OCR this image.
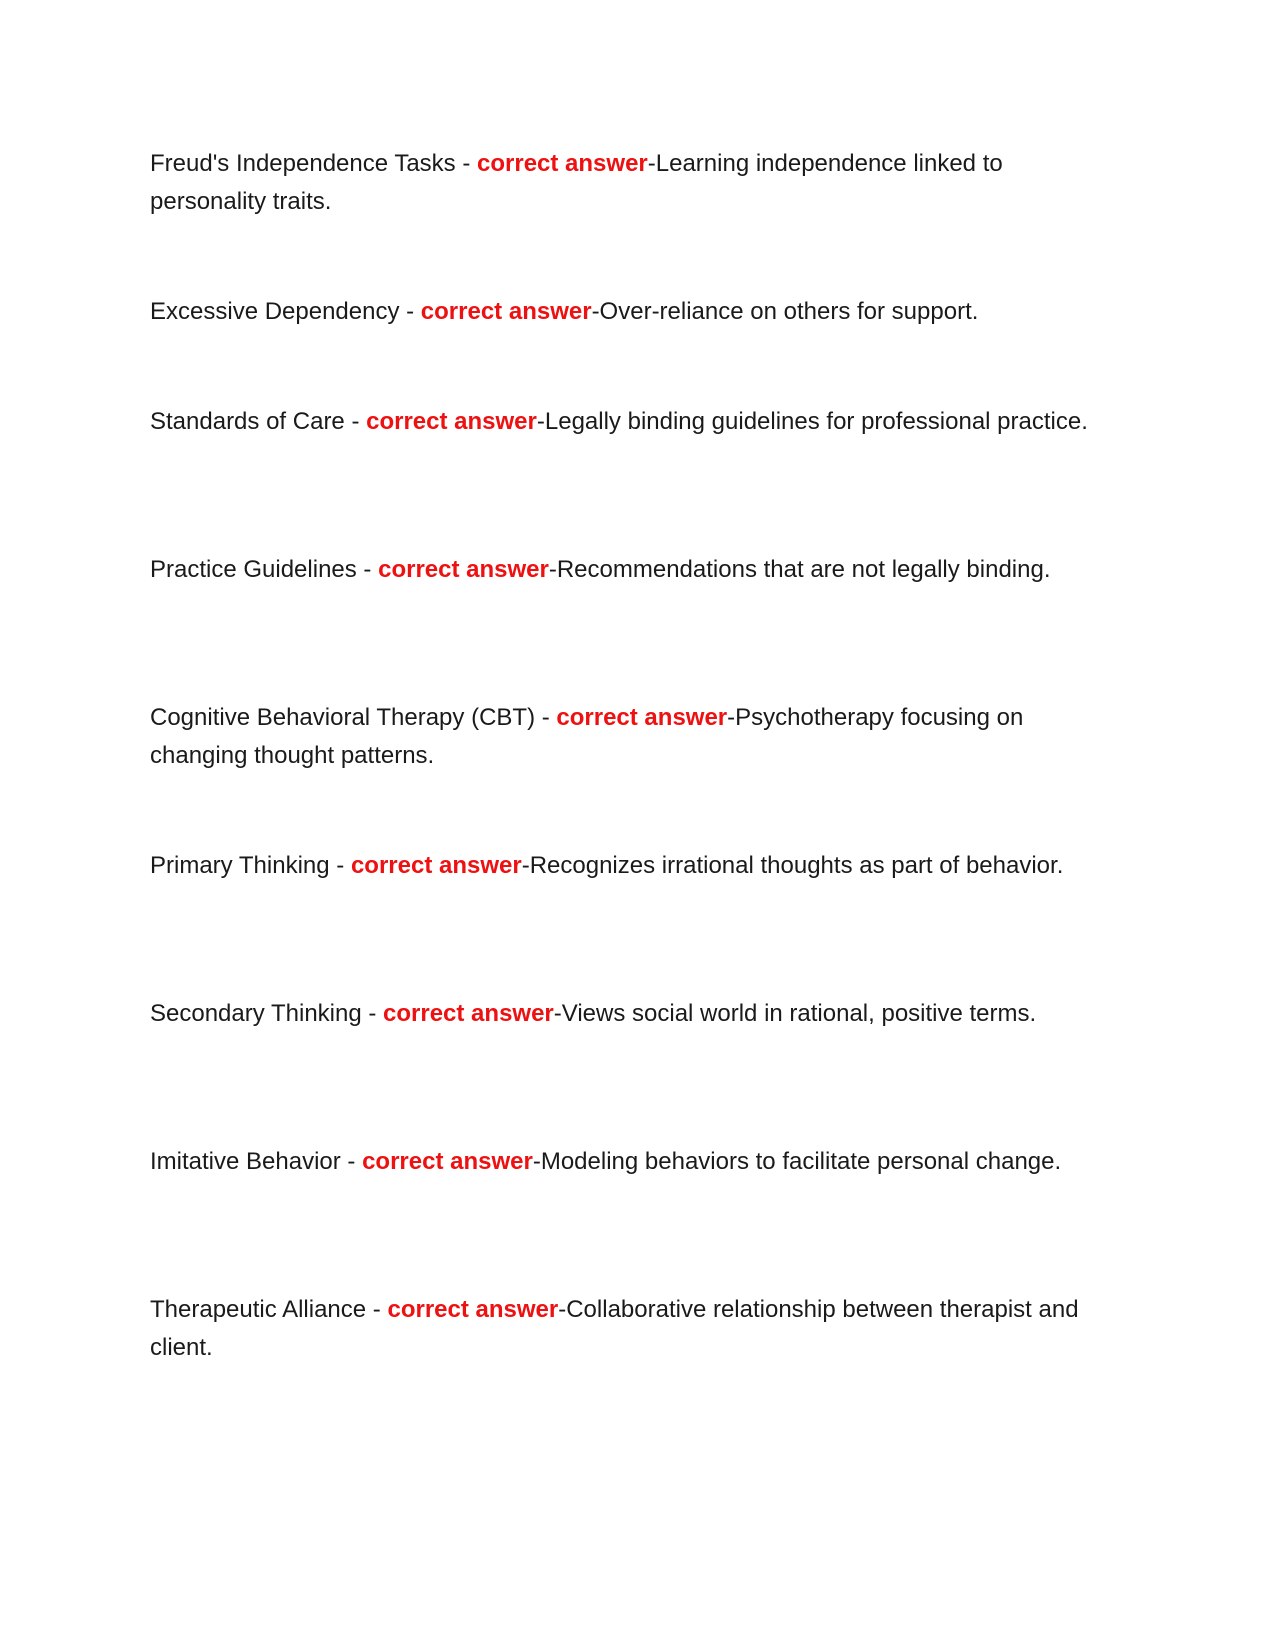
Freud's Independence Tasks - correct answer-Learning independence linked to personality traits.

Excessive Dependency - correct answer-Over-reliance on others for support.

Standards of Care - correct answer-Legally binding guidelines for professional practice.

Practice Guidelines - correct answer-Recommendations that are not legally binding.

Cognitive Behavioral Therapy (CBT) - correct answer-Psychotherapy focusing on changing thought patterns.

Primary Thinking - correct answer-Recognizes irrational thoughts as part of behavior.

Secondary Thinking - correct answer-Views social world in rational, positive terms.

Imitative Behavior - correct answer-Modeling behaviors to facilitate personal change.

Therapeutic Alliance - correct answer-Collaborative relationship between therapist and client.
